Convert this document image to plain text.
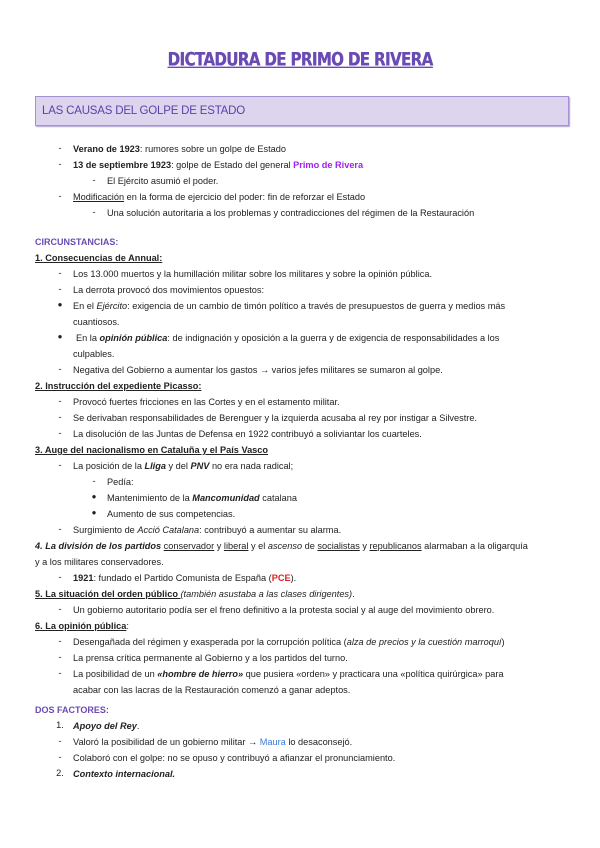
DICTADURA DE PRIMO DE RIVERA
LAS CAUSAS DEL GOLPE DE ESTADO
-	Verano de 1923: rumores sobre un golpe de Estado
-	13 de septiembre 1923: golpe de Estado del general Primo de Rivera
-	El Ejército asumió el poder.
-	Modificación en la forma de ejercicio del poder: fin de reforzar el Estado
-	Una solución autoritaria a los problemas y contradicciones del régimen de la Restauración
CIRCUNSTANCIAS:
1. Consecuencias de Annual:
-	Los 13.000 muertos y la humillación militar sobre los militares y sobre la opinión pública.
-	La derrota provocó dos movimientos opuestos:
● En el Ejército: exigencia de un cambio de timón político a través de presupuestos de guerra y medios más
cuantiosos.
● En la opinión pública: de indignación y oposición a la guerra y de exigencia de responsabilidades a los
culpables.
-	Negativa del Gobierno a aumentar los gastos → varios jefes militares se sumaron al golpe.
2. Instrucción del expediente Picasso:
-	Provocó fuertes fricciones en las Cortes y en el estamento militar.
-	Se derivaban responsabilidades de Berenguer y la izquierda acusaba al rey por instigar a Silvestre.
-	La disolución de las Juntas de Defensa en 1922 contribuyó a soliviantar los cuarteles.
3. Auge del nacionalismo en Cataluña y el País Vasco
-	La posición de la Lliga y del PNV no era nada radical;
-	Pedía:
● Mantenimiento de la Mancomunidad catalana
● Aumento de sus competencias.
-	Surgimiento de Acció Catalana: contribuyó a aumentar su alarma.
4. La división de los partidos conservador y liberal y el ascenso de socialistas y republicanos alarmaban a la oligarquía
y a los militares conservadores.
-	1921: fundado el Partido Comunista de España (PCE).
5. La situación del orden público (también asustaba a las clases dirigentes).
-	Un gobierno autoritario podía ser el freno definitivo a la protesta social y al auge del movimiento obrero.
6. La opinión pública:
-	Desengañada del régimen y exasperada por la corrupción política (alza de precios y la cuestión marroquí)
-	La prensa crítica permanente al Gobierno y a los partidos del turno.
-	La posibilidad de un «hombre de hierro» que pusiera «orden» y practicara una «política quirúrgica» para
acabar con las lacras de la Restauración comenzó a ganar adeptos.
DOS FACTORES:
1. Apoyo del Rey.
-	Valoró la posibilidad de un gobierno militar → Maura lo desaconsejó.
-	Colaboró con el golpe: no se opuso y contribuyó a afianzar el pronunciamiento.
2. Contexto internacional.
